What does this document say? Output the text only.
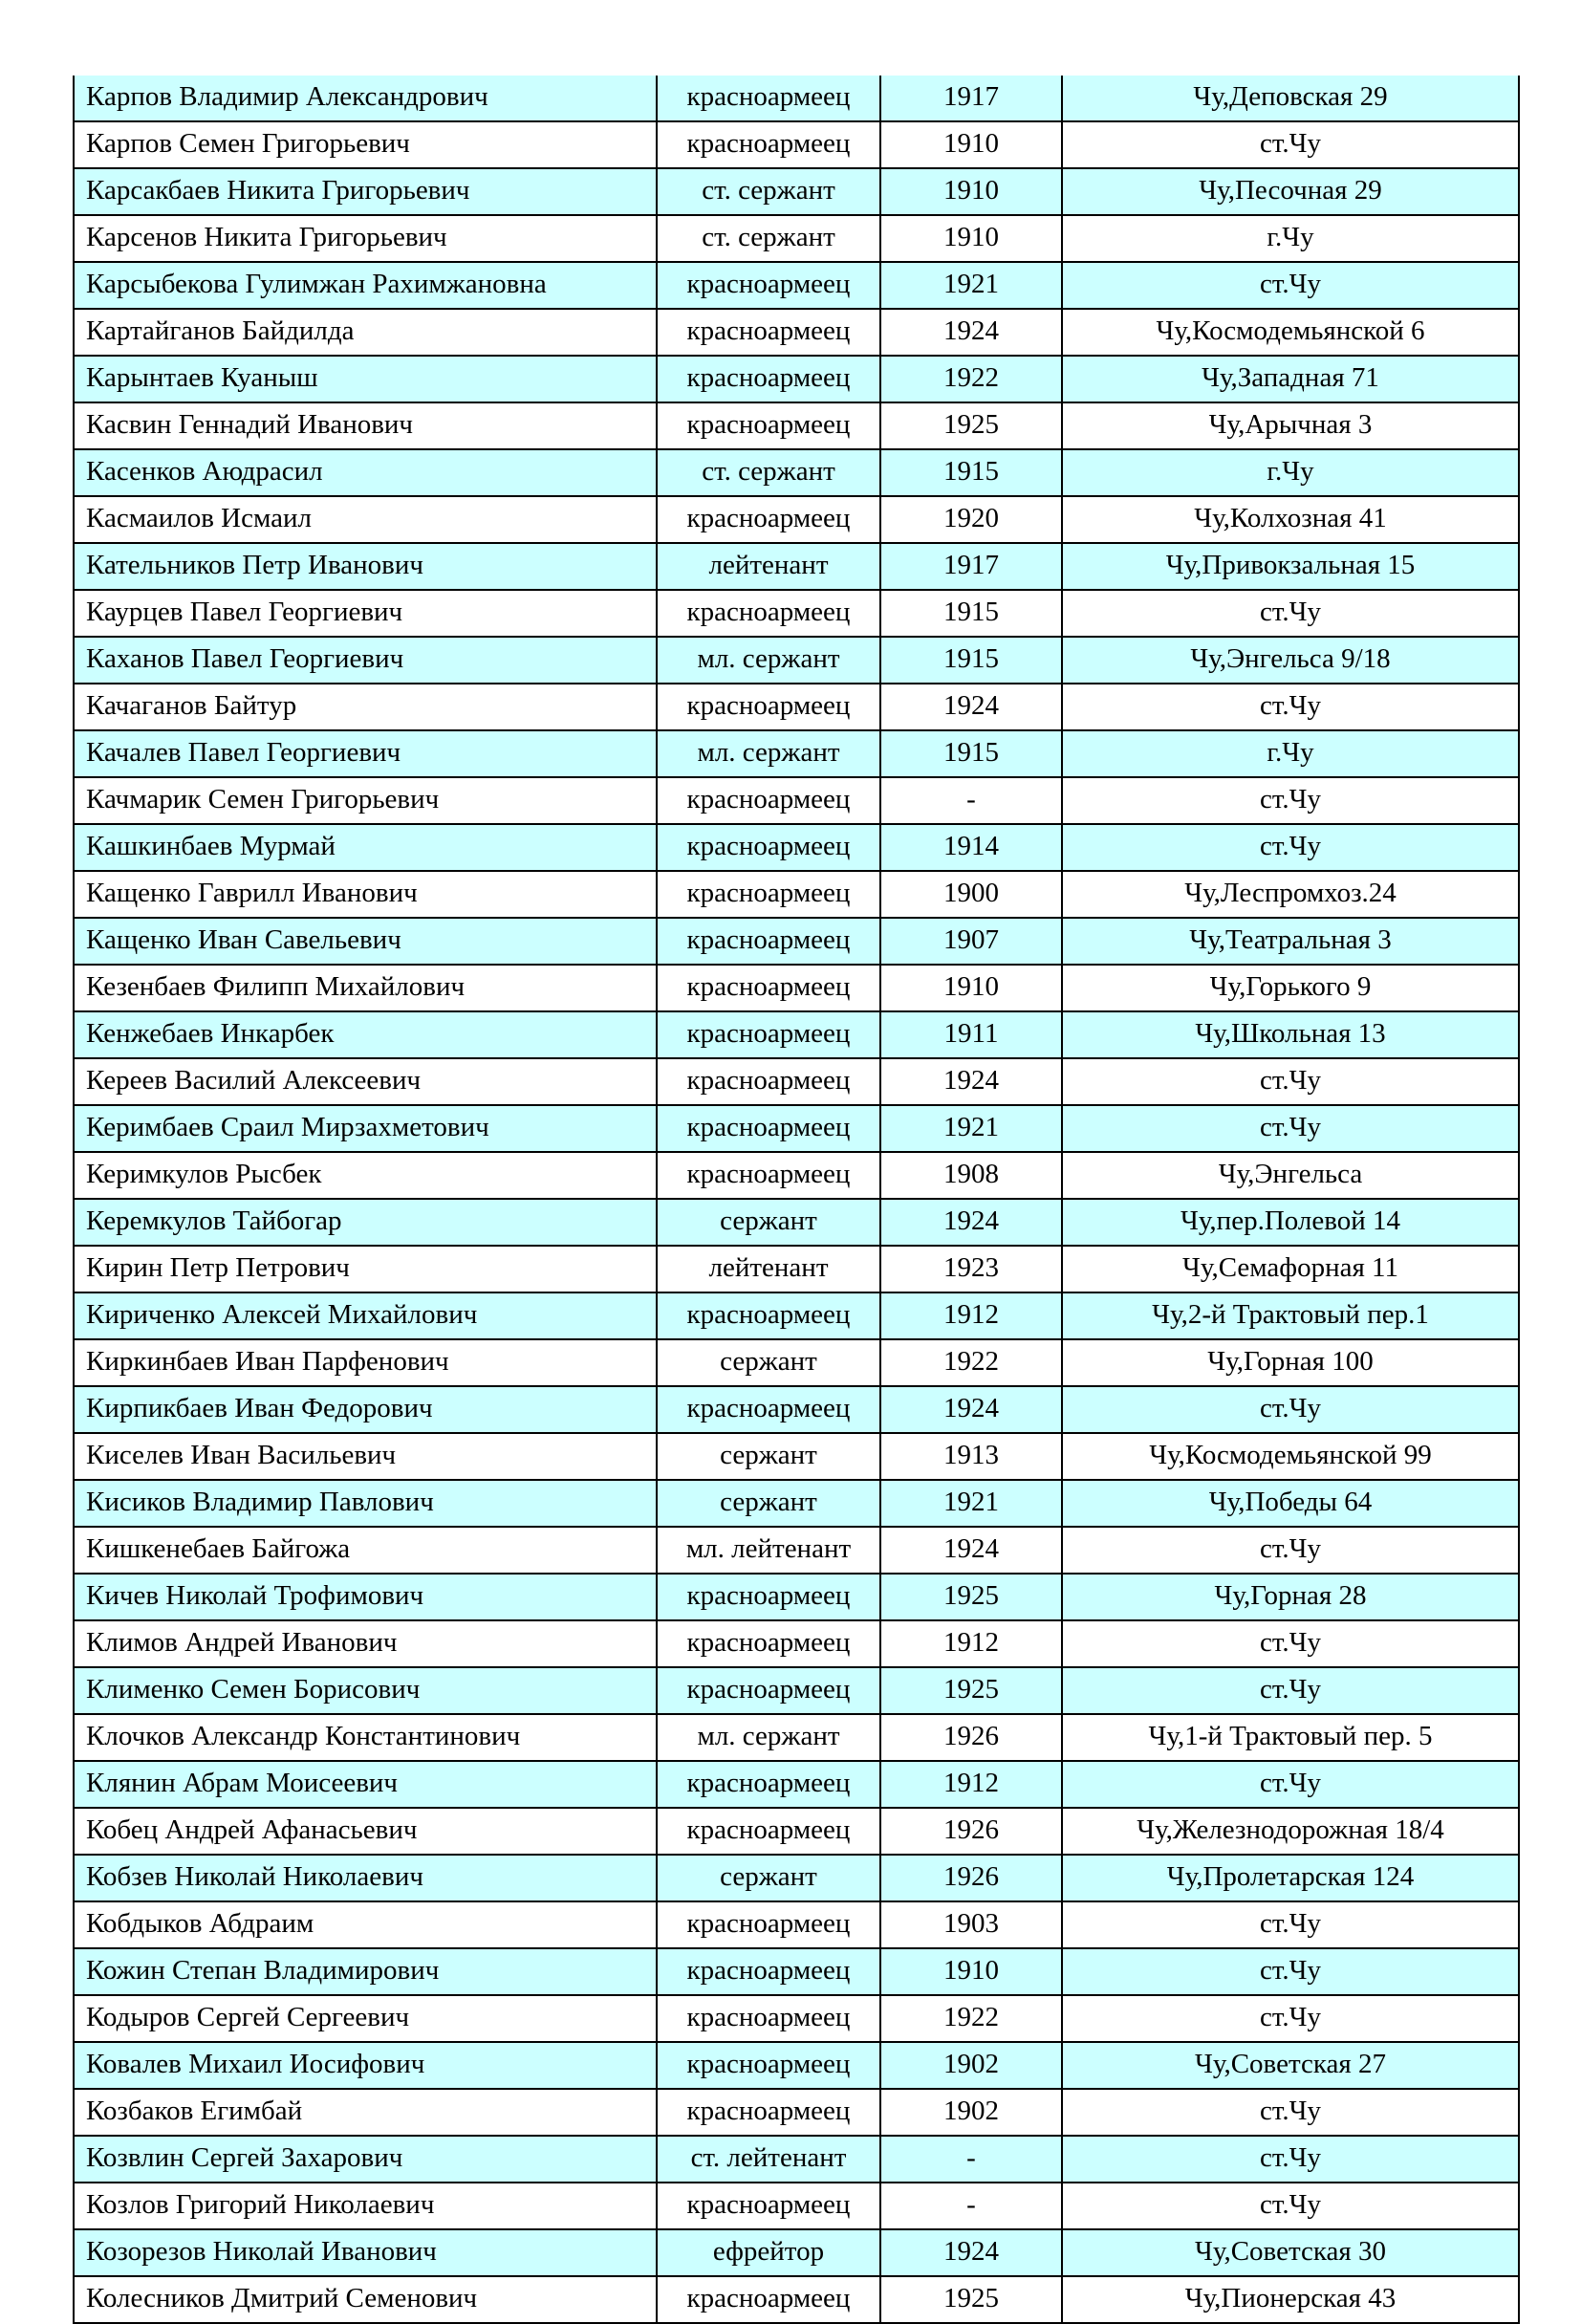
Карпов Владимир Александрович	красноармеец	1917	Чу,Деповская 29
Карпов Семен Григорьевич	красноармеец	1910	ст.Чу
Карсакбаев Никита Григорьевич	ст. сержант	1910	Чу,Песочная 29
Карсенов Никита Григорьевич	ст. сержант	1910	г.Чу
Карсыбекова Гулимжан Рахимжановна	красноармеец	1921	ст.Чу
Картайганов Байдилда	красноармеец	1924	Чу,Космодемьянской 6
Карынтаев Куаныш	красноармеец	1922	Чу,Западная 71
Касвин Геннадий Иванович	красноармеец	1925	Чу,Арычная 3
Касенков Аюдрасил	ст. сержант	1915	г.Чу
Касмаилов Исмаил	красноармеец	1920	Чу,Колхозная 41
Кательников Петр Иванович	лейтенант	1917	Чу,Привокзальная 15
Каурцев Павел Георгиевич	красноармеец	1915	ст.Чу
Каханов Павел Георгиевич	мл. сержант	1915	Чу,Энгельса 9/18
Качаганов Байтур	красноармеец	1924	ст.Чу
Качалев Павел Георгиевич	мл. сержант	1915	г.Чу
Качмарик Семен Григорьевич	красноармеец	-	ст.Чу
Кашкинбаев Мурмай	красноармеец	1914	ст.Чу
Кащенко Гаврилл Иванович	красноармеец	1900	Чу,Леспромхоз.24
Кащенко Иван Савельевич	красноармеец	1907	Чу,Театральная 3
Кезенбаев Филипп Михайлович	красноармеец	1910	Чу,Горького 9
Кенжебаев Инкарбек	красноармеец	1911	Чу,Школьная 13
Кереев Василий Алексеевич	красноармеец	1924	ст.Чу
Керимбаев Сраил Мирзахметович	красноармеец	1921	ст.Чу
Керимкулов Рысбек	красноармеец	1908	Чу,Энгельса
Керемкулов Тайбогар	сержант	1924	Чу,пер.Полевой 14
Кирин Петр Петрович	лейтенант	1923	Чу,Семафорная 11
Кириченко Алексей Михайлович	красноармеец	1912	Чу,2-й Трактовый пер.1
Киркинбаев Иван Парфенович	сержант	1922	Чу,Горная 100
Кирпикбаев Иван Федорович	красноармеец	1924	ст.Чу
Киселев Иван Васильевич	сержант	1913	Чу,Космодемьянской 99
Кисиков Владимир Павлович	сержант	1921	Чу,Победы 64
Кишкенебаев Байгожа	мл. лейтенант	1924	ст.Чу
Кичев Николай Трофимович	красноармеец	1925	Чу,Горная 28
Климов Андрей Иванович	красноармеец	1912	ст.Чу
Клименко Семен Борисович	красноармеец	1925	ст.Чу
Клочков Александр Константинович	мл. сержант	1926	Чу,1-й Трактовый пер. 5
Клянин Абрам Моисеевич	красноармеец	1912	ст.Чу
Кобец Андрей Афанасьевич	красноармеец	1926	Чу,Железнодорожная 18/4
Кобзев Николай Николаевич	сержант	1926	Чу,Пролетарская 124
Кобдыков Абдраим	красноармеец	1903	ст.Чу
Кожин Степан Владимирович	красноармеец	1910	ст.Чу
Кодыров Сергей Сергеевич	красноармеец	1922	ст.Чу
Ковалев Михаил Иосифович	красноармеец	1902	Чу,Советская 27
Козбаков Егимбай	красноармеец	1902	ст.Чу
Козвлин Сергей Захарович	ст. лейтенант	-	ст.Чу
Козлов Григорий Николаевич	красноармеец	-	ст.Чу
Козорезов Николай Иванович	ефрейтор	1924	Чу,Советская 30
Колесников Дмитрий Семенович	красноармеец	1925	Чу,Пионерская 43
